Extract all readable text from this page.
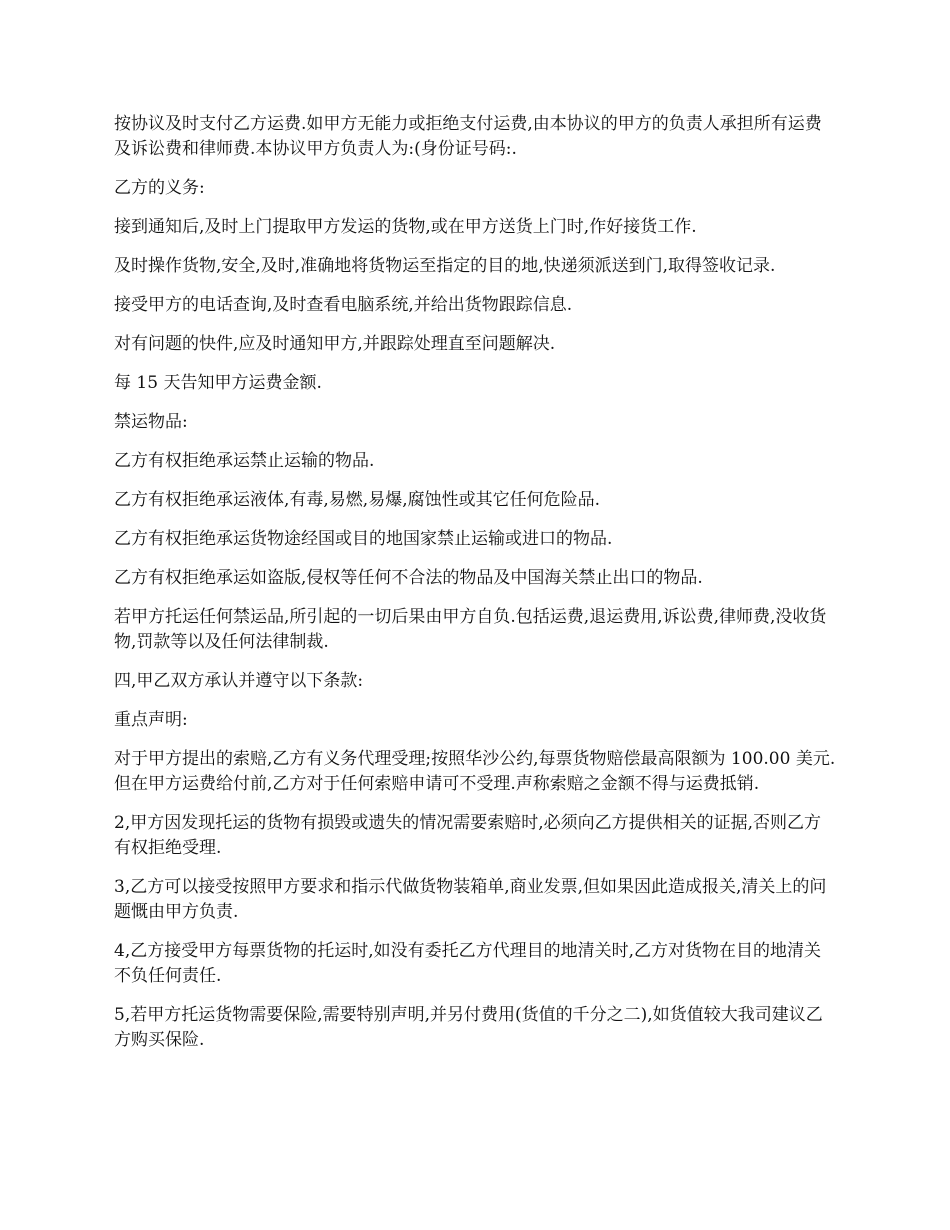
按协议及时支付乙方运费.如甲方无能力或拒绝支付运费,由本协议的甲方的负责人承担所有运费及诉讼费和律师费.本协议甲方负责人为:(身份证号码:.

乙方的义务:

接到通知后,及时上门提取甲方发运的货物,或在甲方送货上门时,作好接货工作.

及时操作货物,安全,及时,准确地将货物运至指定的目的地,快递须派送到门,取得签收记录.

接受甲方的电话查询,及时查看电脑系统,并给出货物跟踪信息.

对有问题的快件,应及时通知甲方,并跟踪处理直至问题解决.

每 15 天告知甲方运费金额.

禁运物品:

乙方有权拒绝承运禁止运输的物品.

乙方有权拒绝承运液体,有毒,易燃,易爆,腐蚀性或其它任何危险品.

乙方有权拒绝承运货物途经国或目的地国家禁止运输或进口的物品.

乙方有权拒绝承运如盗版,侵权等任何不合法的物品及中国海关禁止出口的物品.

若甲方托运任何禁运品,所引起的一切后果由甲方自负.包括运费,退运费用,诉讼费,律师费,没收货物,罚款等以及任何法律制裁.

四,甲乙双方承认并遵守以下条款:

重点声明:

对于甲方提出的索赔,乙方有义务代理受理;按照华沙公约,每票货物赔偿最高限额为 100.00 美元.但在甲方运费给付前,乙方对于任何索赔申请可不受理.声称索赔之金额不得与运费抵销.

2,甲方因发现托运的货物有损毁或遗失的情况需要索赔时,必须向乙方提供相关的证据,否则乙方有权拒绝受理.

3,乙方可以接受按照甲方要求和指示代做货物装箱单,商业发票,但如果因此造成报关,清关上的问题慨由甲方负责.

4,乙方接受甲方每票货物的托运时,如没有委托乙方代理目的地清关时,乙方对货物在目的地清关不负任何责任.

5,若甲方托运货物需要保险,需要特别声明,并另付费用(货值的千分之二),如货值较大我司建议乙方购买保险.
